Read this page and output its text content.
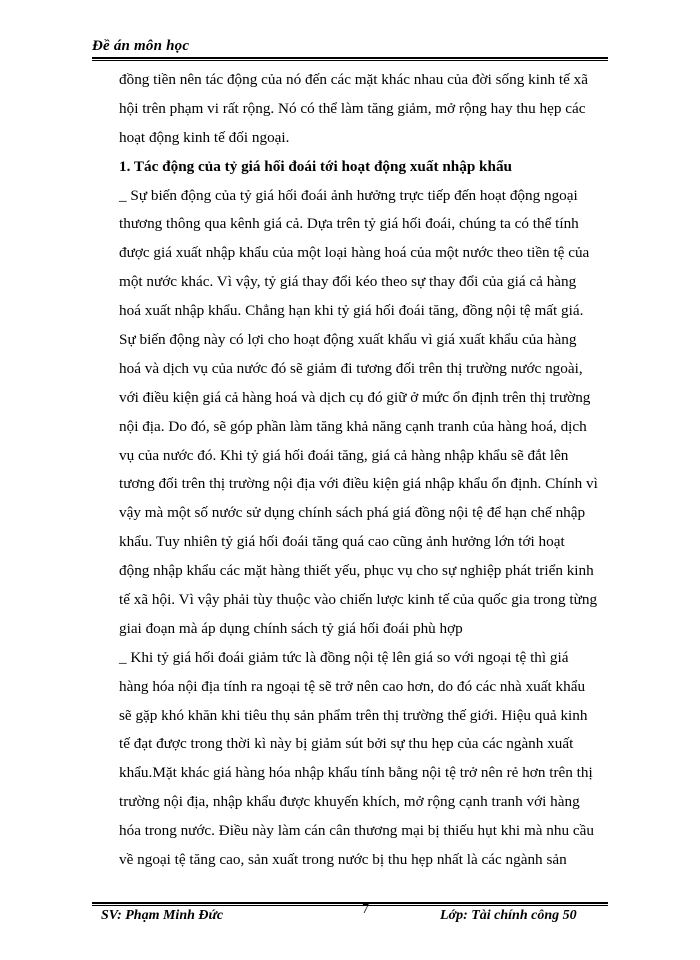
Đề án môn học
đồng tiền nên tác động của nó đến các mặt khác nhau của đời sống kinh tế xã
hội trên phạm vi rất rộng. Nó có thể làm tăng giảm, mở rộng hay thu hẹp các
hoạt động kinh tế đối ngoại.
1. Tác động của tỷ giá hối đoái tới hoạt động xuất nhập khẩu
_ Sự biến động của tỷ giá hối đoái ảnh hưởng trực tiếp đến hoạt động ngoại
thương thông qua kênh giá cả. Dựa trên tỷ giá hối đoái, chúng ta có thể tính
được giá xuất nhập khẩu của một loại hàng hoá của một nước theo tiền tệ của
một nước khác. Vì vậy, tỷ giá thay đổi kéo theo sự thay đổi của giá cả hàng
hoá xuất nhập khẩu. Chẳng hạn khi tỷ giá hối đoái tăng, đồng nội tệ mất giá.
Sự biến động này có lợi cho hoạt động xuất khẩu vì giá xuất khẩu của hàng
hoá và dịch vụ của nước đó sẽ giảm đi tương đối trên thị trường nước ngoài,
với điều kiện giá cả hàng hoá và dịch cụ đó giữ ở mức ổn định trên thị trường
nội địa. Do đó, sẽ góp phần làm tăng khả năng cạnh tranh của hàng hoá, dịch
vụ của nước đó. Khi tỷ giá hối đoái tăng, giá cả hàng nhập khẩu sẽ đắt lên
tương đối trên thị trường nội địa với điều kiện giá nhập khẩu ổn định. Chính vì
vậy mà một số nước sử dụng chính sách phá giá đồng nội tệ để hạn chế nhập
khẩu. Tuy nhiên tỷ giá hối đoái tăng quá cao cũng ảnh hưởng lớn tới hoạt
động nhập khẩu các mặt hàng thiết yếu, phục vụ cho sự nghiệp phát triển kinh
tế xã hội. Vì vậy phải tùy thuộc vào chiến lược kinh tế của quốc gia trong từng
giai đoạn mà áp dụng chính sách tỷ giá hối đoái phù hợp
_ Khi tỷ giá hối đoái giảm tức là đồng nội tệ lên giá so với ngoại tệ thì giá
hàng hóa nội địa tính ra ngoại tệ sẽ trở nên cao hơn, do đó các nhà xuất khẩu
sẽ gặp khó khăn khi tiêu thụ sản phẩm trên thị trường thế giới. Hiệu quả kinh
tế đạt được trong thời kì này bị giảm sút bởi sự thu hẹp của các ngành xuất
khẩu.Mặt khác giá hàng hóa nhập khẩu tính bằng nội tệ trở nên rẻ hơn trên thị
trường nội địa, nhập khẩu được khuyến khích, mở rộng cạnh tranh với hàng
hóa trong nước. Điều này làm cán cân thương mại bị thiếu hụt khi mà nhu cầu
về ngoại tệ tăng cao, sản xuất trong nước bị thu hẹp nhất là các ngành sản
SV: Phạm Minh Đức	7	Lớp: Tài chính công 50
